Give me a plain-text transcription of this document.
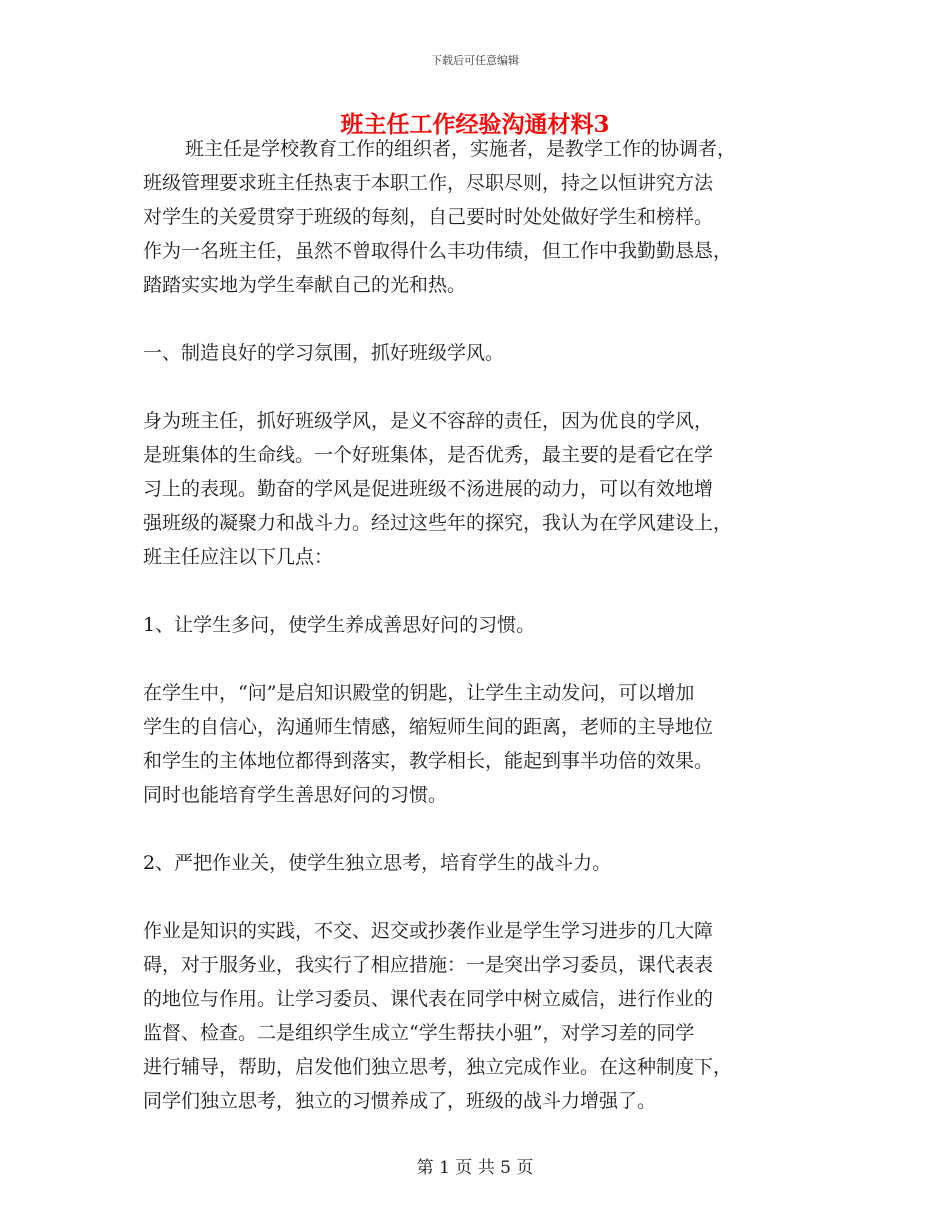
下载后可任意编辑
班主任工作经验沟通材料3
班主任是学校教育工作的组织者，实施者，是教学工作的协调者，
班级管理要求班主任热衷于本职工作，尽职尽则，持之以恒讲究方法
对学生的关爱贯穿于班级的每刻，自己要时时处处做好学生和榜样。
作为一名班主任，虽然不曾取得什么丰功伟绩，但工作中我勤勤恳恳，
踏踏实实地为学生奉献自己的光和热。
一、制造良好的学习氛围，抓好班级学风。
身为班主任，抓好班级学风，是义不容辞的责任，因为优良的学风，
是班集体的生命线。一个好班集体，是否优秀，最主要的是看它在学
习上的表现。勤奋的学风是促进班级不汤进展的动力，可以有效地增
强班级的凝聚力和战斗力。经过这些年的探究，我认为在学风建设上，
班主任应注以下几点：
1、让学生多问，使学生养成善思好问的习惯。
在学生中，“问”是启知识殿堂的钥匙，让学生主动发问，可以增加
学生的自信心，沟通师生情感，缩短师生间的距离，老师的主导地位
和学生的主体地位都得到落实，教学相长，能起到事半功倍的效果。
同时也能培育学生善思好问的习惯。
2、严把作业关，使学生独立思考，培育学生的战斗力。
作业是知识的实践，不交、迟交或抄袭作业是学生学习进步的几大障
碍，对于服务业，我实行了相应措施：一是突出学习委员，课代表表
的地位与作用。让学习委员、课代表在同学中树立威信，进行作业的
监督、检查。二是组织学生成立“学生帮扶小驵”，对学习差的同学
进行辅导，帮助，启发他们独立思考，独立完成作业。在这种制度下，
同学们独立思考，独立的习惯养成了，班级的战斗力增强了。
第 1 页 共 5 页
